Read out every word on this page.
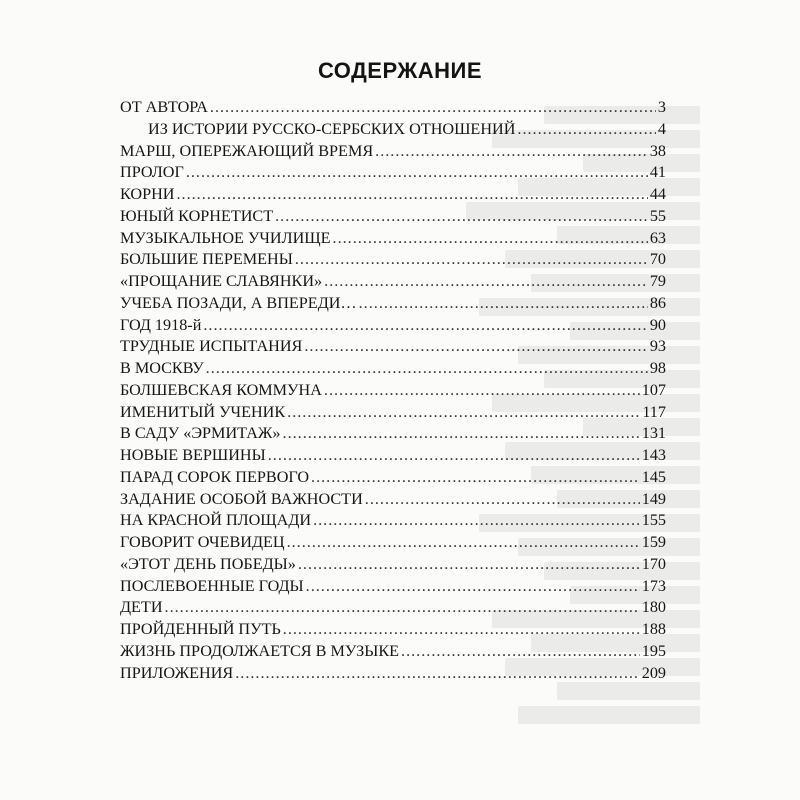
СОДЕРЖАНИЕ
ОТ АВТОРА .....	3
ИЗ ИСТОРИИ РУССКО-СЕРБСКИХ ОТНОШЕНИЙ .....	4
МАРШ, ОПЕРЕЖАЮЩИЙ ВРЕМЯ .....	38
ПРОЛОГ .....	41
КОРНИ .....	44
ЮНЫЙ КОРНЕТИСТ .....	55
МУЗЫКАЛЬНОЕ УЧИЛИЩЕ .....	63
БОЛЬШИЕ ПЕРЕМЕНЫ .....	70
«ПРОЩАНИЕ СЛАВЯНКИ» .....	79
УЧЕБА ПОЗАДИ, А ВПЕРЕДИ… .....	86
ГОД 1918-й .....	90
ТРУДНЫЕ ИСПЫТАНИЯ .....	93
В МОСКВУ .....	98
БОЛШЕВСКАЯ КОММУНА .....	107
ИМЕНИТЫЙ УЧЕНИК .....	117
В САДУ «ЭРМИТАЖ» .....	131
НОВЫЕ ВЕРШИНЫ .....	143
ПАРАД СОРОК ПЕРВОГО .....	145
ЗАДАНИЕ ОСОБОЙ ВАЖНОСТИ .....	149
НА КРАСНОЙ ПЛОЩАДИ .....	155
ГОВОРИТ ОЧЕВИДЕЦ .....	159
«ЭТОТ ДЕНЬ ПОБЕДЫ» .....	170
ПОСЛЕВОЕННЫЕ ГОДЫ .....	173
ДЕТИ .....	180
ПРОЙДЕННЫЙ ПУТЬ .....	188
ЖИЗНЬ ПРОДОЛЖАЕТСЯ В МУЗЫКЕ .....	195
ПРИЛОЖЕНИЯ .....	209
